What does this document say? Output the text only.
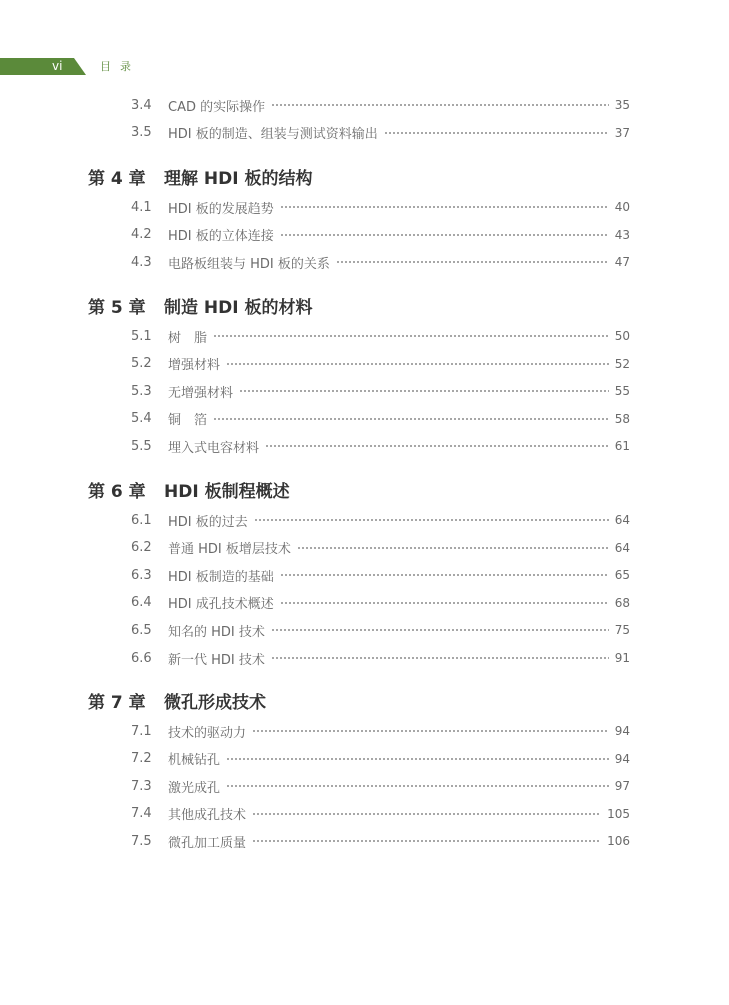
vi	目录
3.4	CAD 的实际操作	35
3.5	HDI 板的制造、组装与测试资料输出	37
第 4 章 理解 HDI 板的结构
4.1	HDI 板的发展趋势	40
4.2	HDI 板的立体连接	43
4.3	电路板组装与 HDI 板的关系	47
第 5 章 制造 HDI 板的材料
5.1	树　脂	50
5.2	增强材料	52
5.3	无增强材料	55
5.4	铜　箔	58
5.5	埋入式电容材料	61
第 6 章 HDI 板制程概述
6.1	HDI 板的过去	64
6.2	普通 HDI 板增层技术	64
6.3	HDI 板制造的基础	65
6.4	HDI 成孔技术概述	68
6.5	知名的 HDI 技术	75
6.6	新一代 HDI 技术	91
第 7 章 微孔形成技术
7.1	技术的驱动力	94
7.2	机械钻孔	94
7.3	激光成孔	97
7.4	其他成孔技术	105
7.5	微孔加工质量	106
